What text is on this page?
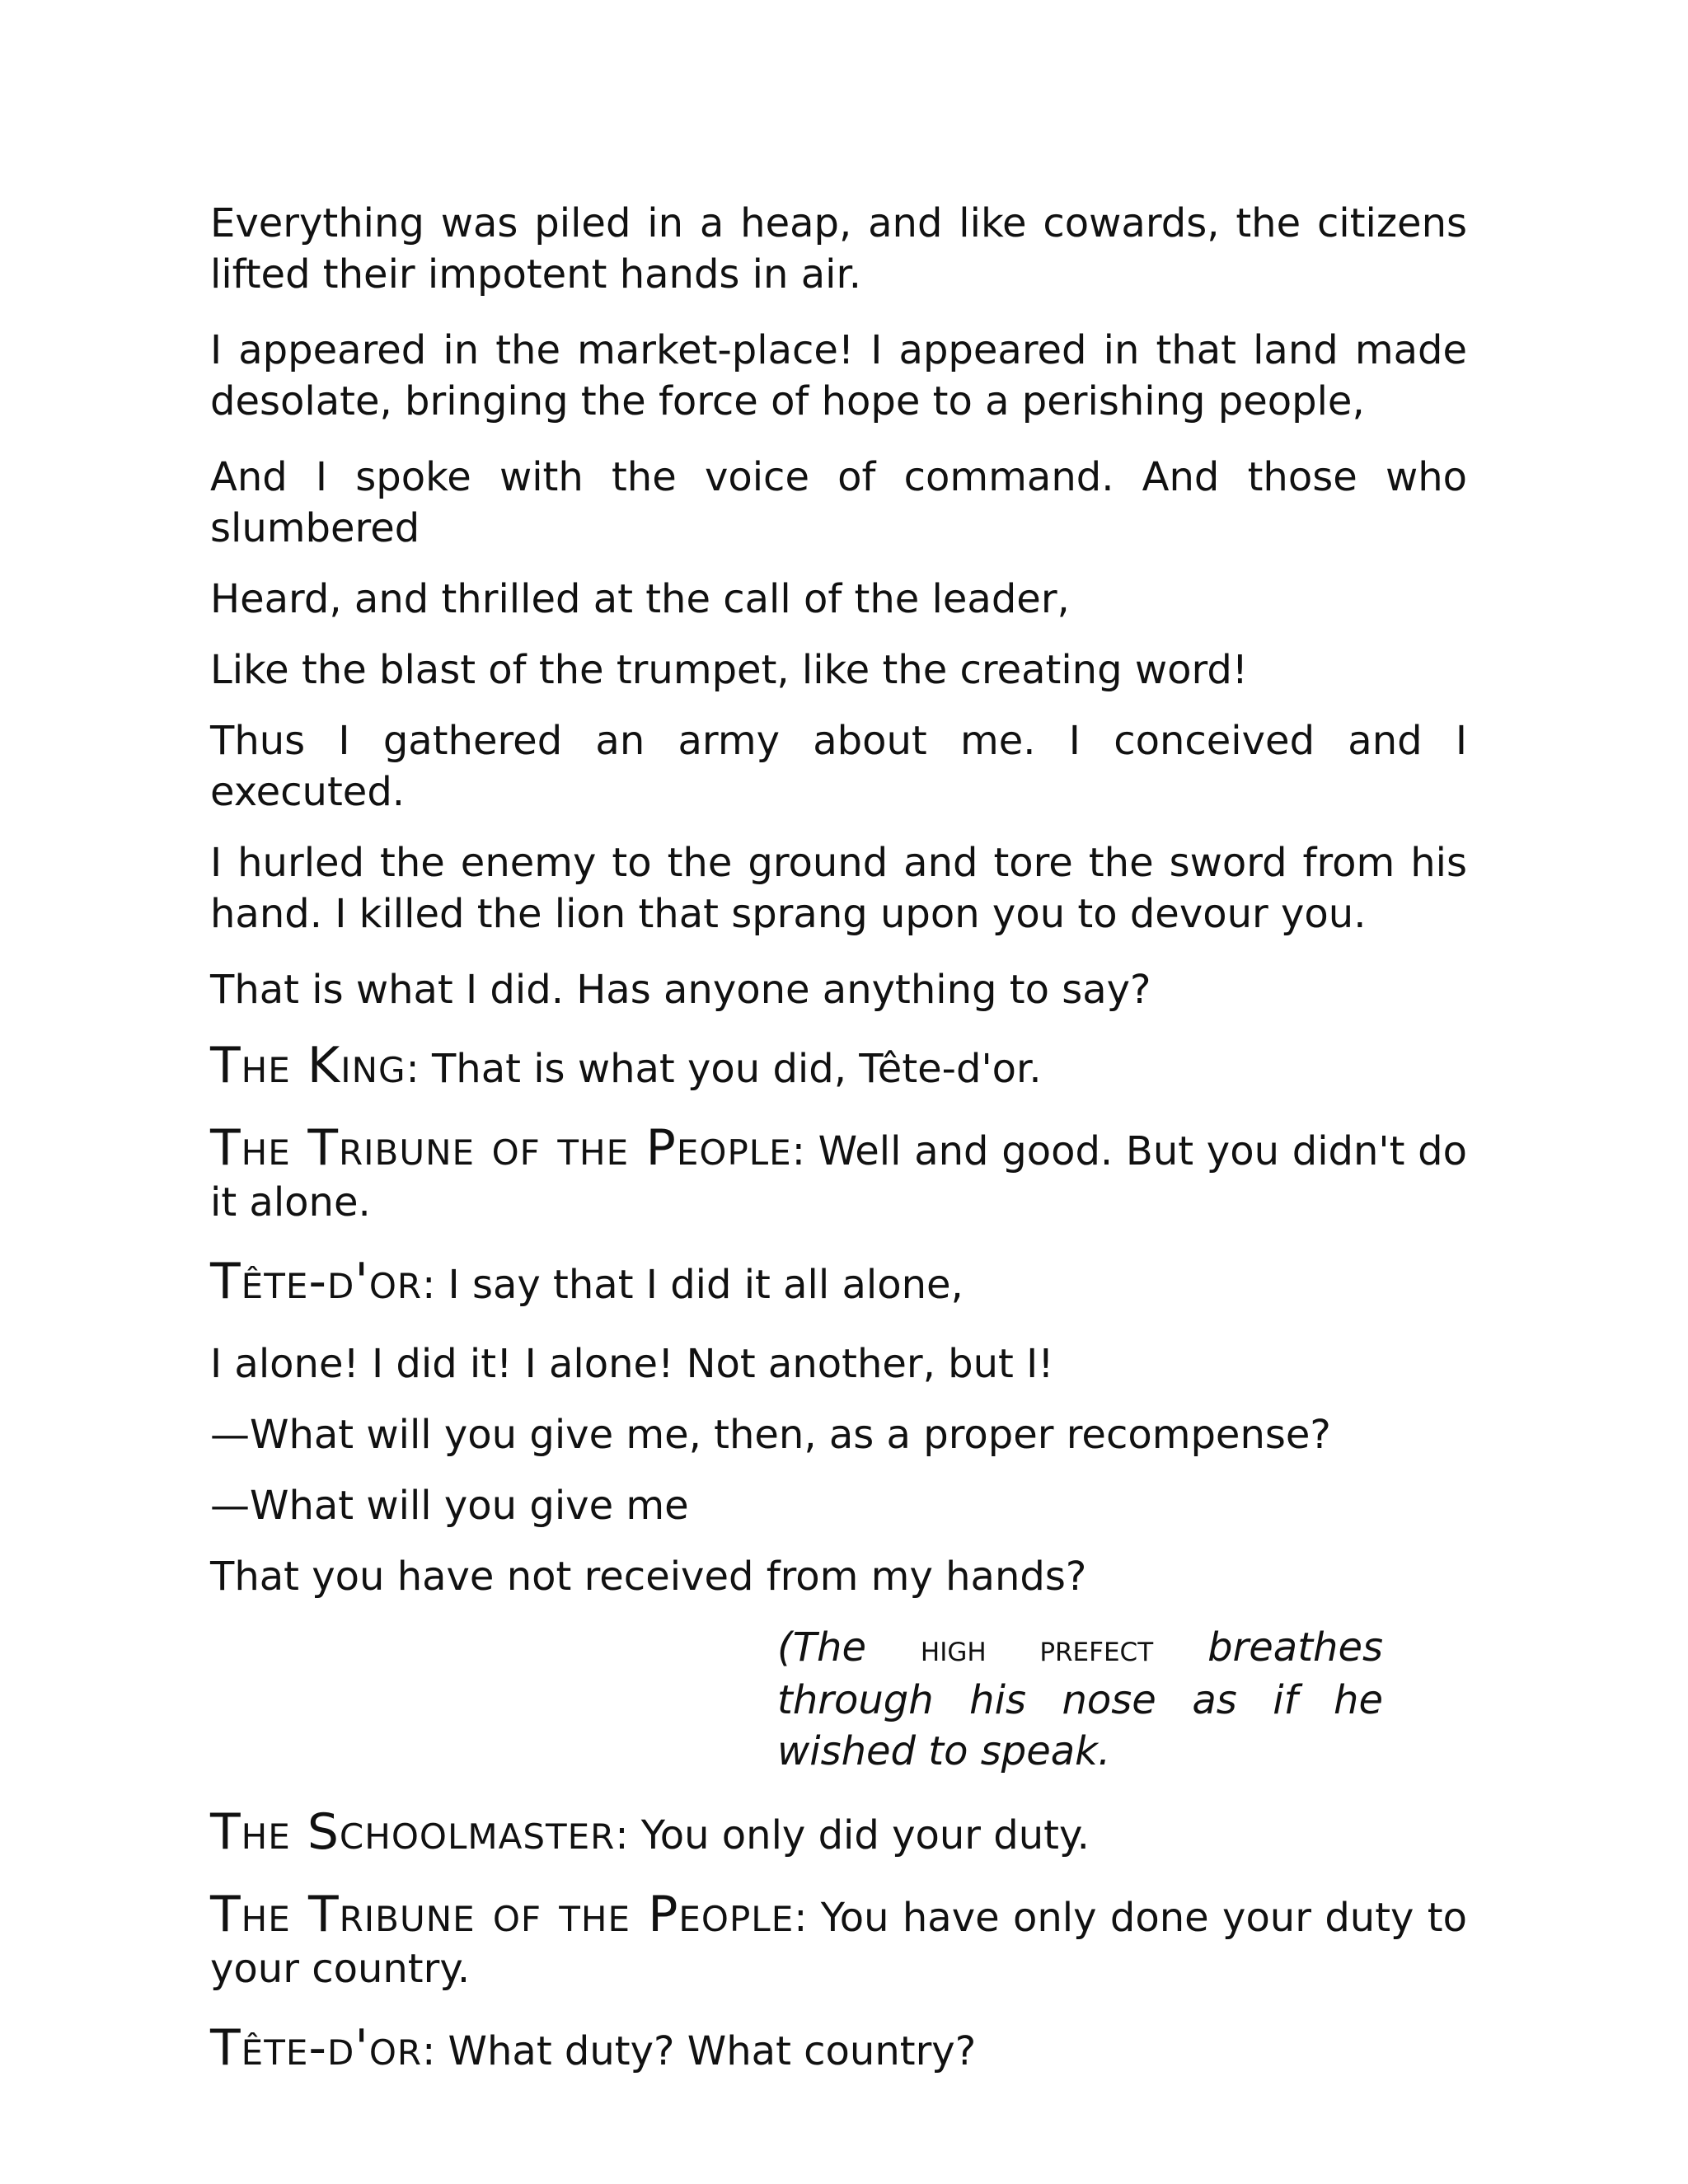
Everything was piled in a heap, and like cowards, the citizens lifted their impotent hands in air.

I appeared in the market-place! I appeared in that land made desolate, bringing the force of hope to a perishing people,

And I spoke with the voice of command. And those who slumbered

Heard, and thrilled at the call of the leader,

Like the blast of the trumpet, like the creating word!

Thus I gathered an army about me. I conceived and I executed.

I hurled the enemy to the ground and tore the sword from his hand. I killed the lion that sprang upon you to devour you.

That is what I did. Has anyone anything to say?

The King: That is what you did, Tête-d'or.

The Tribune of the People: Well and good. But you didn't do it alone.

Tête-d'or: I say that I did it all alone,

I alone! I did it! I alone! Not another, but I!

—What will you give me, then, as a proper recompense?

—What will you give me

That you have not received from my hands?

(The high prefect breathes through his nose as if he wished to speak.

The Schoolmaster: You only did your duty.

The Tribune of the People: You have only done your duty to your country.

Tête-d'or: What duty? What country?
